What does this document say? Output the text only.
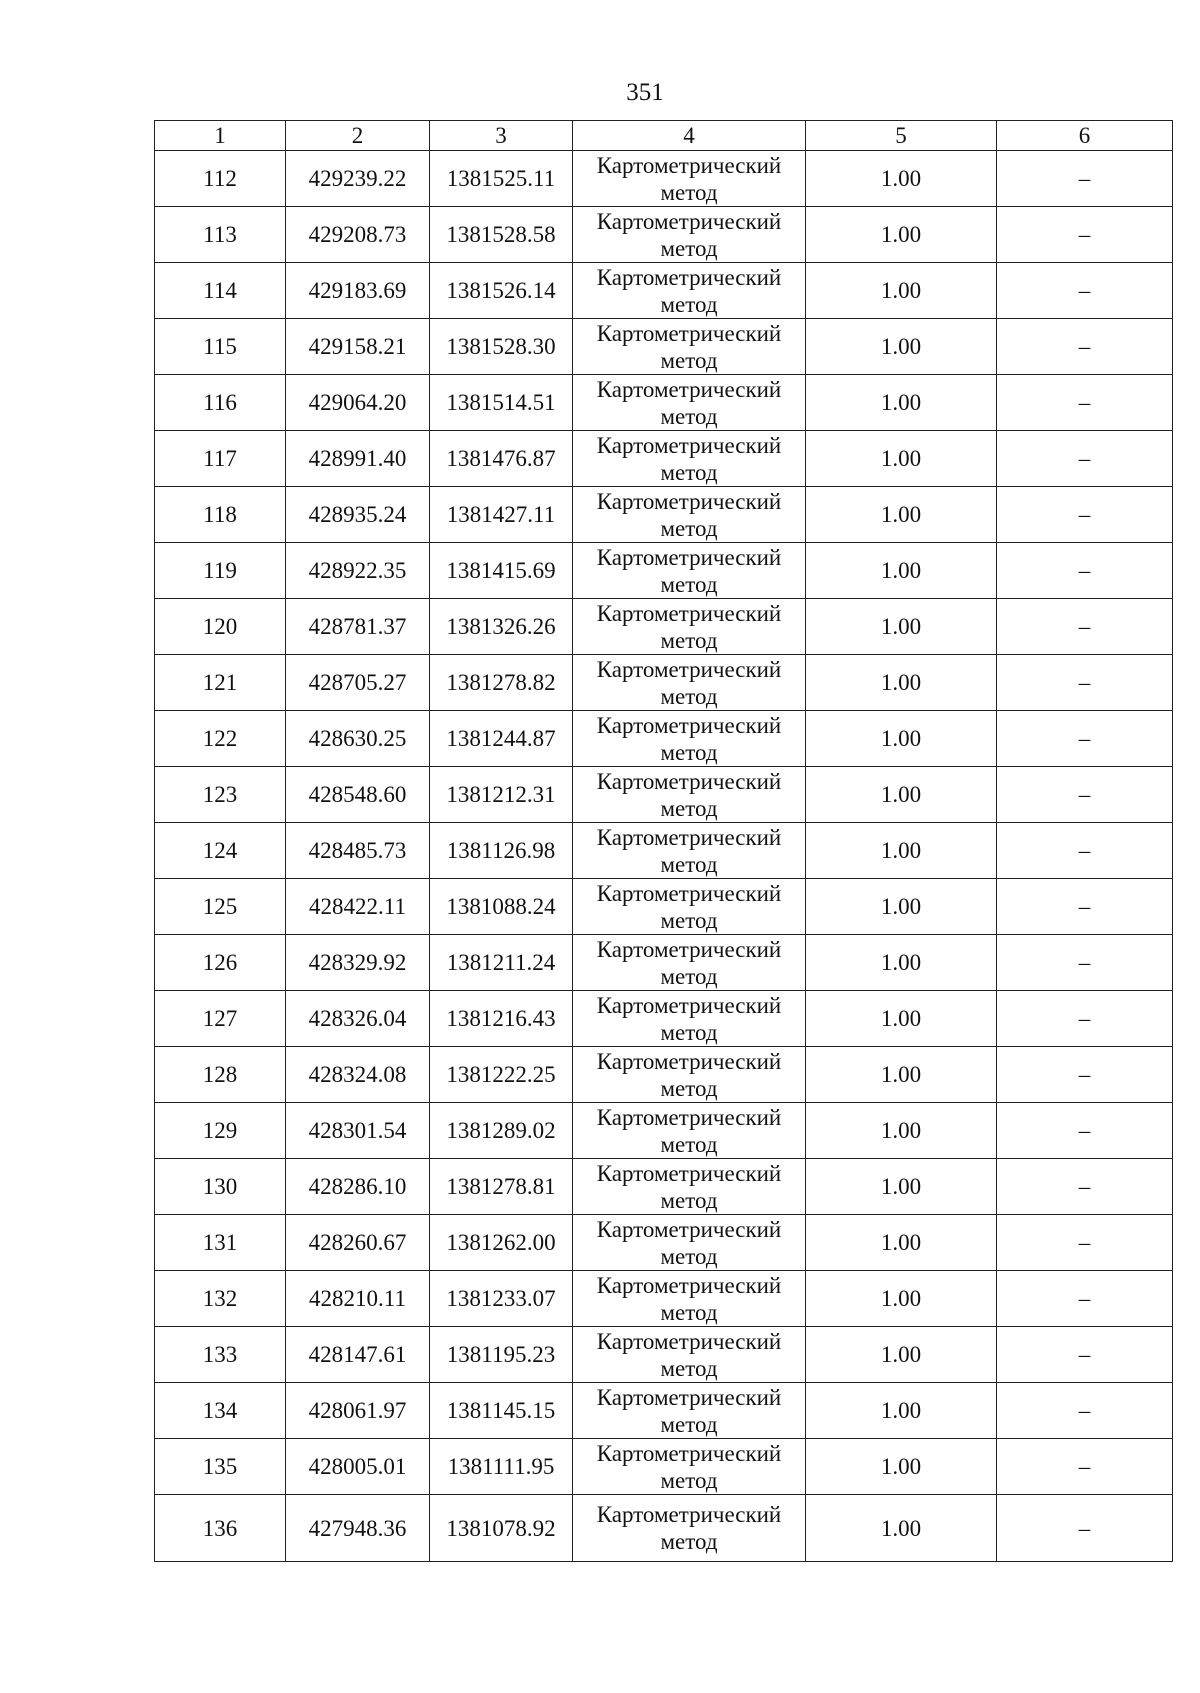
351
1	2	3	4	5	6
112	429239.22	1381525.11	Картометрический метод	1.00	–
113	429208.73	1381528.58	Картометрический метод	1.00	–
114	429183.69	1381526.14	Картометрический метод	1.00	–
115	429158.21	1381528.30	Картометрический метод	1.00	–
116	429064.20	1381514.51	Картометрический метод	1.00	–
117	428991.40	1381476.87	Картометрический метод	1.00	–
118	428935.24	1381427.11	Картометрический метод	1.00	–
119	428922.35	1381415.69	Картометрический метод	1.00	–
120	428781.37	1381326.26	Картометрический метод	1.00	–
121	428705.27	1381278.82	Картометрический метод	1.00	–
122	428630.25	1381244.87	Картометрический метод	1.00	–
123	428548.60	1381212.31	Картометрический метод	1.00	–
124	428485.73	1381126.98	Картометрический метод	1.00	–
125	428422.11	1381088.24	Картометрический метод	1.00	–
126	428329.92	1381211.24	Картометрический метод	1.00	–
127	428326.04	1381216.43	Картометрический метод	1.00	–
128	428324.08	1381222.25	Картометрический метод	1.00	–
129	428301.54	1381289.02	Картометрический метод	1.00	–
130	428286.10	1381278.81	Картометрический метод	1.00	–
131	428260.67	1381262.00	Картометрический метод	1.00	–
132	428210.11	1381233.07	Картометрический метод	1.00	–
133	428147.61	1381195.23	Картометрический метод	1.00	–
134	428061.97	1381145.15	Картометрический метод	1.00	–
135	428005.01	1381111.95	Картометрический метод	1.00	–
136	427948.36	1381078.92	Картометрический метод	1.00	–
